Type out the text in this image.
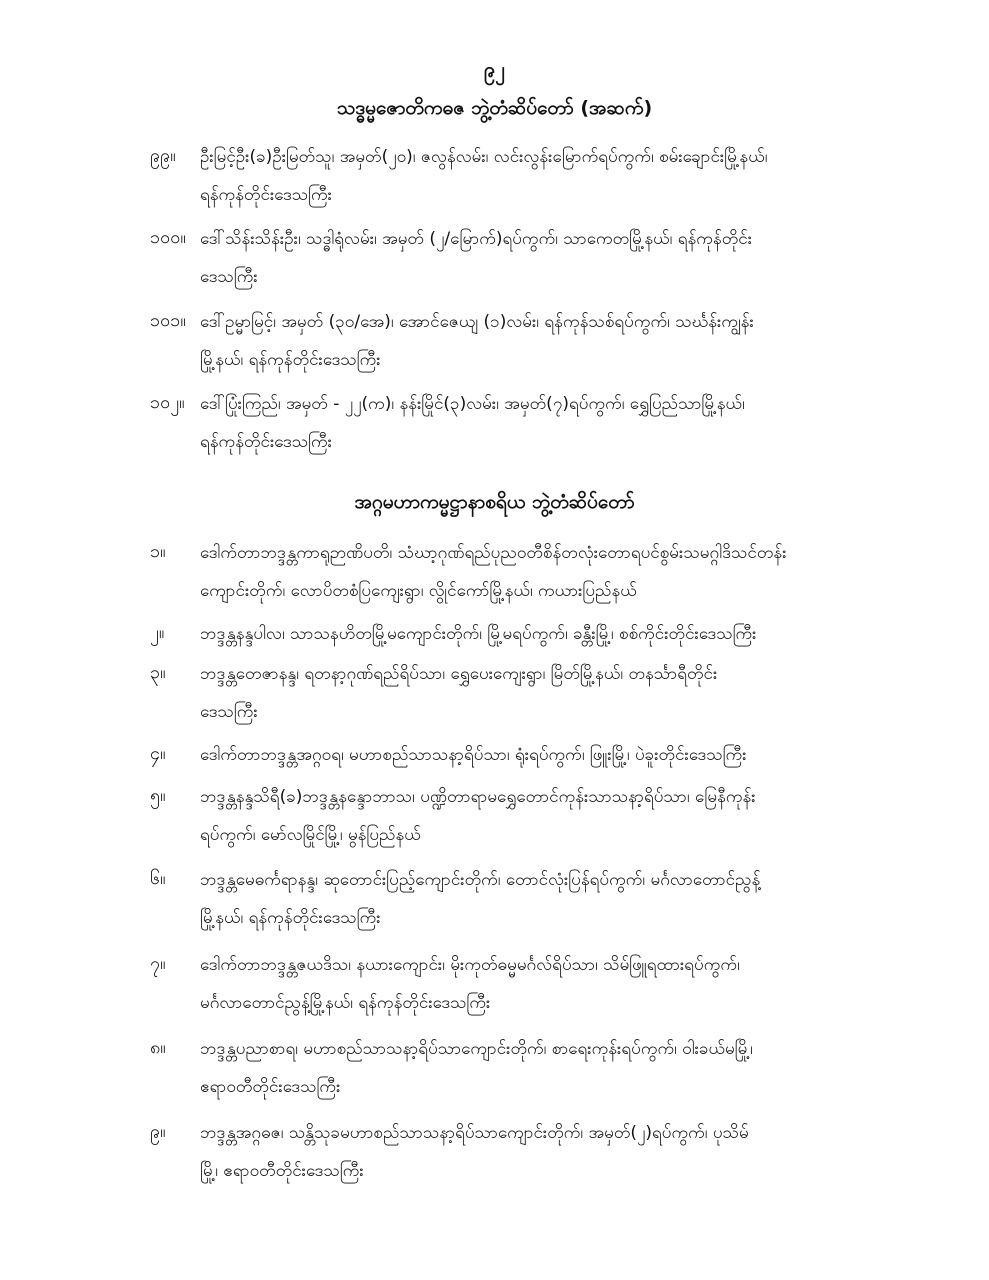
၉၂
သဒ္ဓမ္မဇောတိကဓဇ ဘွဲ့တံဆိပ်တော် (အဆက်)
၉၉။	ဦးမြင့်ဦး(ခ)ဦးမြတ်သူ၊ အမှတ်(၂၀)၊ ဇလွန်လမ်း၊ လင်းလွန်းမြောက်ရပ်ကွက်၊ စမ်းချောင်းမြို့နယ်၊
ရန်ကုန်တိုင်းဒေသကြီး
၁၀၀။ ဒေါ်သိန်းသိန်းဦး၊ သဒ္ဓါရုံလမ်း၊ အမှတ် (၂/မြောက်)ရပ်ကွက်၊ သာကေတမြို့နယ်၊ ရန်ကုန်တိုင်း
ဒေသကြီး
၁၀၁။ ဒေါ်ဥမ္မာမြင့်၊ အမှတ် (၃၀/အေ)၊ အောင်ဇေယျ (၁)လမ်း၊ ရန်ကုန်သစ်ရပ်ကွက်၊ သင်္ဃန်းကျွန်း
မြို့နယ်၊ ရန်ကုန်တိုင်းဒေသကြီး
၁၀၂။ ဒေါ်ပြုံးကြည်၊ အမှတ် - ၂၂(က)၊ နန်းမြိုင်(၃)လမ်း၊ အမှတ်(၇)ရပ်ကွက်၊ ရွှေပြည်သာမြို့နယ်၊
ရန်ကုန်တိုင်းဒေသကြီး
အဂ္ဂမဟာကမ္မဋ္ဌာနာစရိယ ဘွဲ့တံဆိပ်တော်
၁။	ဒေါက်တာဘဒ္ဒန္တကာရုဉာဏိပတိ၊ သံဃာ့ဂုဏ်ရည်ပုညဝတီစိန်တလုံးတောရပင်စွမ်းသမဂ္ဂါဒိသင်တန်း
ကျောင်းတိုက်၊ လောပိတစံပြကျေးရွာ၊ လွိုင်ကော်မြို့နယ်၊ ကယားပြည်နယ်
၂။	ဘဒ္ဒန္တနန္ဒပါလ၊ သာသနဟိတမြို့မကျောင်းတိုက်၊ မြို့မရပ်ကွက်၊ ခန္တီးမြို့၊ စစ်ကိုင်းတိုင်းဒေသကြီး
၃။	ဘဒ္ဒန္တတေဇာနန္ဒ၊ ရတနာ့ဂုဏ်ရည်ရိပ်သာ၊ ရွှေပေးကျေးရွာ၊ မြိတ်မြို့နယ်၊ တနင်္သာရီတိုင်း
ဒေသကြီး
၄။	ဒေါက်တာဘဒ္ဒန္တအဂ္ဂဝရ၊ မဟာစည်သာသနာ့ရိပ်သာ၊ ရုံးရပ်ကွက်၊ ဖြူးမြို့၊ ပဲခူးတိုင်းဒေသကြီး
၅။	ဘဒ္ဒန္တနန္ဒသိရီ(ခ)ဘဒ္ဒန္တနန္ဒောဘာသ၊ ပဏ္ဍိတာရာမရွှေတောင်ကုန်းသာသနာ့ရိပ်သာ၊ မြေနီကုန်း
ရပ်ကွက်၊ မော်လမြိုင်မြို့၊ မွန်ပြည်နယ်
၆။	ဘဒ္ဒန္တမေဓင်္ကရာနန္ဒ၊ ဆုတောင်းပြည့်ကျောင်းတိုက်၊ တောင်လုံးပြန်ရပ်ကွက်၊ မင်္ဂလာတောင်ညွန့်
မြို့နယ်၊ ရန်ကုန်တိုင်းဒေသကြီး
၇။	ဒေါက်တာဘဒ္ဒန္တဇယဒိသ၊ နယားကျောင်း၊ မိုးကုတ်ဓမ္မမင်္ဂလ်ရိပ်သာ၊ သိမ်ဖြူရထားရပ်ကွက်၊
မင်္ဂလာတောင်ညွန့်မြို့နယ်၊ ရန်ကုန်တိုင်းဒေသကြီး
၈။	ဘဒ္ဒန္တပညာစာရ၊ မဟာစည်သာသနာ့ရိပ်သာကျောင်းတိုက်၊ စာရေးကုန်းရပ်ကွက်၊ ဝါးခယ်မမြို့၊
ဧရာဝတီတိုင်းဒေသကြီး
၉။	ဘဒ္ဒန္တအဂ္ဂဓဇ၊ သန္တိသုခမဟာစည်သာသနာ့ရိပ်သာကျောင်းတိုက်၊ အမှတ်(၂)ရပ်ကွက်၊ ပုသိမ်
မြို့၊ ဧရာဝတီတိုင်းဒေသကြီး
